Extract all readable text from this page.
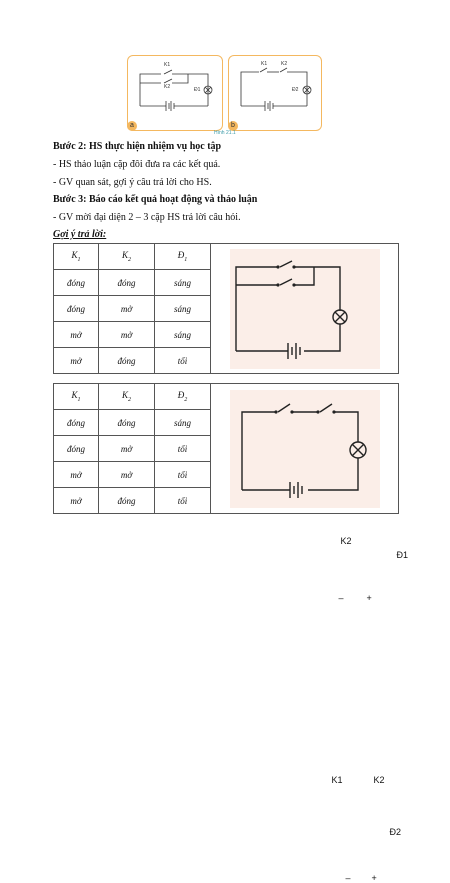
K1
K2	Đ1
a
K1	K2
Đ2
b
Hình 21.1
Bước 2: HS thực hiện nhiệm vụ học tập
- HS thảo luận cặp đôi đưa ra các kết quả.
- GV quan sát, gợi ý câu trả lời cho HS.
Bước 3: Báo cáo kết quả hoạt động và thảo luận
- GV mời đại diện 2 – 3 cặp HS trả lời câu hỏi.
Gợi ý trả lời:
$K_1$	$K_2$	$Đ_1$	K1
K2
Đ1
– +

đóng	đóng	sáng	
đóng	mở	sáng	
mở	mở	sáng	
mở	đóng	tối	
$K_1$	$K_2$	$Đ_2$	K1 K2
Đ2
– +

đóng	đóng	sáng	
đóng	mở	tối	
mở	mở	tối	
mở	đóng	tối	
